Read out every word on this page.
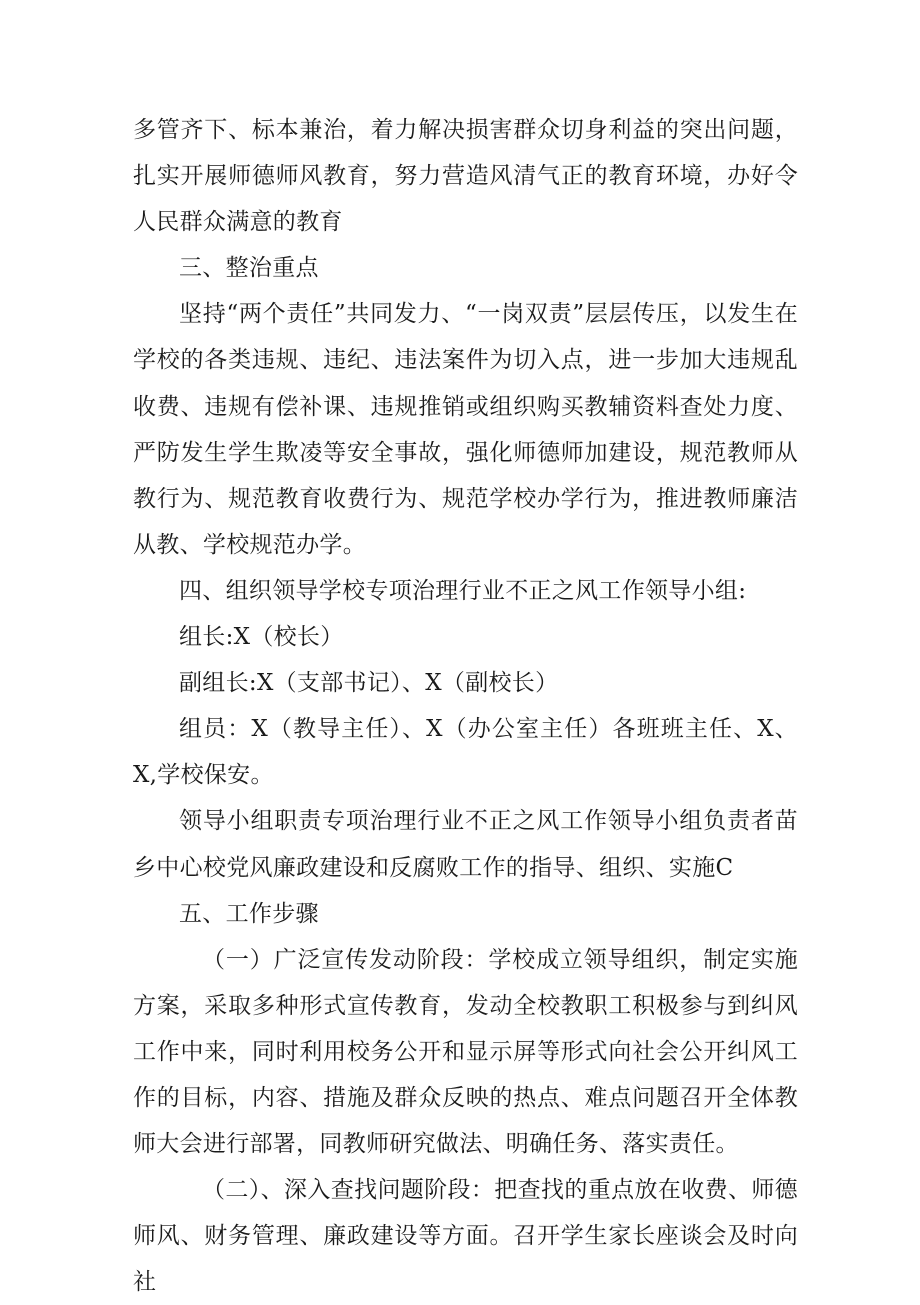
多管齐下、标本兼治，着力解决损害群众切身利益的突出问题，扎实开展师德师风教育，努力营造风清气正的教育环境，办好令人民群众满意的教育

三、整治重点

坚持“两个责任”共同发力、“一岗双责”层层传压，以发生在学校的各类违规、违纪、违法案件为切入点，进一步加大违规乱收费、违规有偿补课、违规推销或组织购买教辅资料查处力度、严防发生学生欺凌等安全事故，强化师德师加建设，规范教师从教行为、规范教育收费行为、规范学校办学行为，推进教师廉洁从教、学校规范办学。

四、组织领导学校专项治理行业不正之风工作领导小组:

组长:X（校长）

副组长:X（支部书记）、X（副校长）

组员：X（教导主任）、X（办公室主任）各班班主任、X、X,学校保安。

领导小组职责专项治理行业不正之风工作领导小组负责者苗乡中心校党风廉政建设和反腐败工作的指导、组织、实施C

五、工作步骤

（一）广泛宣传发动阶段：学校成立领导组织，制定实施方案，采取多种形式宣传教育，发动全校教职工积极参与到纠风工作中来，同时利用校务公开和显示屏等形式向社会公开纠风工作的目标，内容、措施及群众反映的热点、难点问题召开全体教师大会进行部署，同教师研究做法、明确任务、落实责任。

（二）、深入查找问题阶段：把查找的重点放在收费、师德师风、财务管理、廉政建设等方面。召开学生家长座谈会及时向社
